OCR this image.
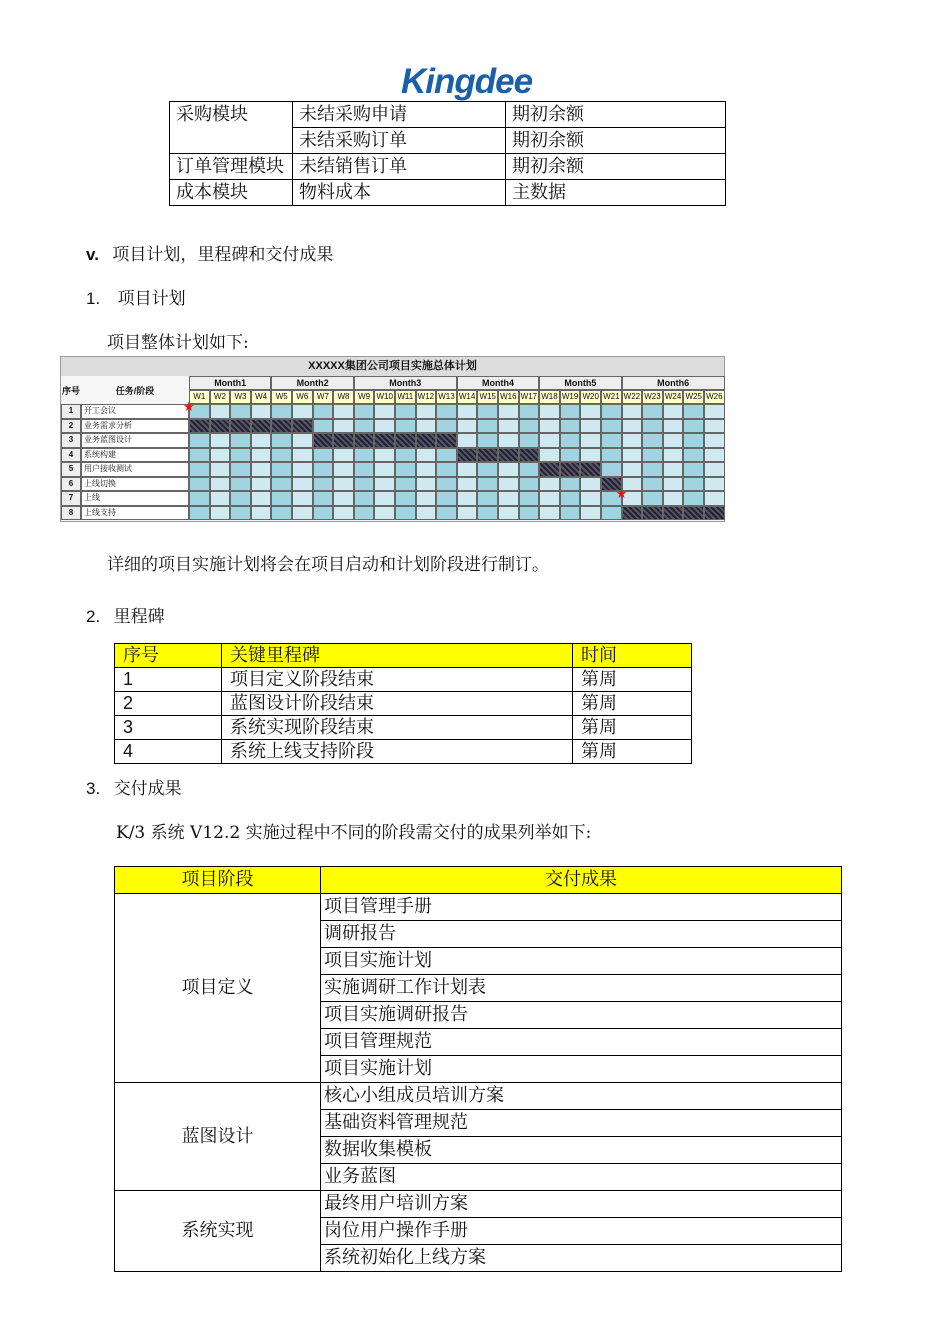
Kingdee
采购模块	未结采购申请	期初余额
	未结采购订单	期初余额
订单管理模块	未结销售订单	期初余额
成本模块	物料成本	主数据
v. 项目计划，里程碑和交付成果
1. 项目计划
项目整体计划如下:
XXXXX集团公司项目实施总体计划
序号	任务/阶段
Month1	Month2	Month3	Month4	Month5	Month6
W1	W2	W3	W4	W5	W6	W7	W8	W9 W10 W11 W12 W13 W14 W15 W16 W17 W18 W19 W20 W21 W22 W23 W24 W25 W26
1	开工会议	★
2	业务需求分析
3	业务蓝图设计
4	系统构建
5	用户接收测试
6	上线切换
7	上线	★
8	上线支持
详细的项目实施计划将会在项目启动和计划阶段进行制订。
2. 里程碑
序号	关键里程碑	时间
1	项目定义阶段结束	第周
2	蓝图设计阶段结束	第周
3	系统实现阶段结束	第周
4	系统上线支持阶段	第周
3. 交付成果
K/3 系统 V12.2 实施过程中不同的阶段需交付的成果列举如下:
项目阶段	交付成果
项目定义	项目管理手册
	调研报告
	项目实施计划
	实施调研工作计划表
	项目实施调研报告
	项目管理规范
	项目实施计划
蓝图设计	核心小组成员培训方案
	基础资料管理规范
	数据收集模板
	业务蓝图
系统实现	最终用户培训方案
	岗位用户操作手册
	系统初始化上线方案
